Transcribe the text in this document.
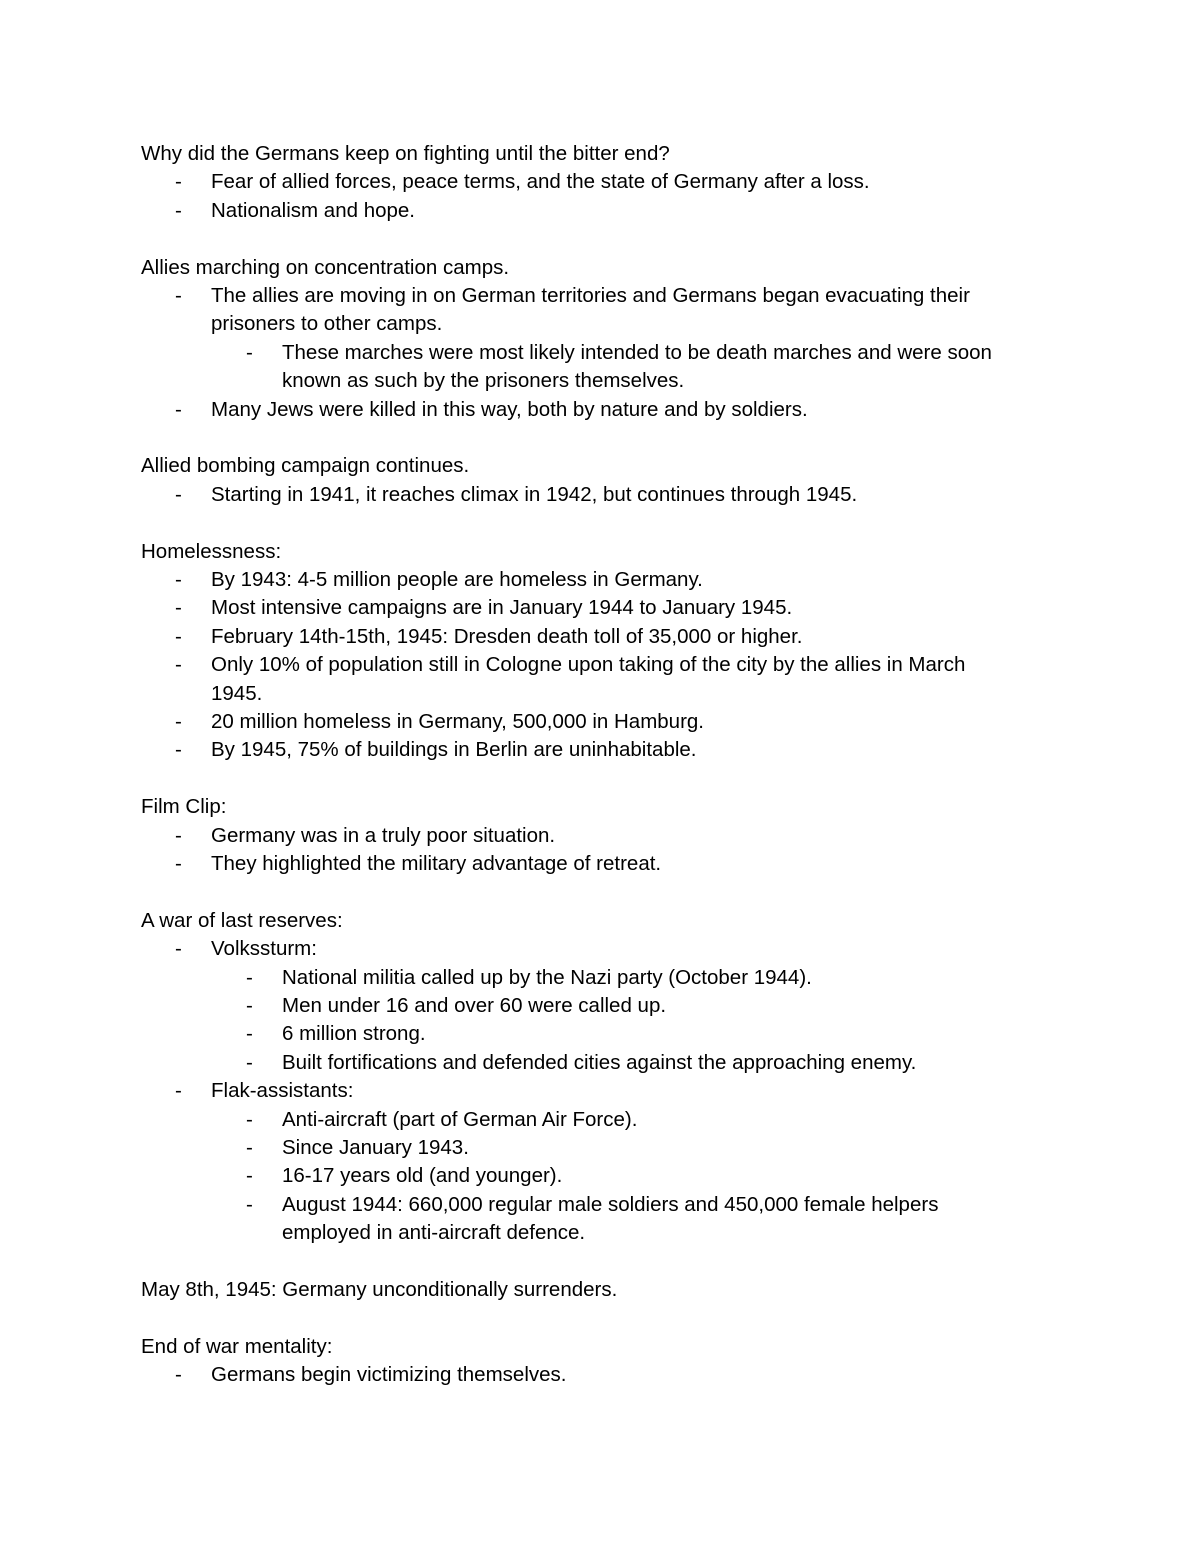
Why did the Germans keep on fighting until the bitter end?
- Fear of allied forces, peace terms, and the state of Germany after a loss.
- Nationalism and hope.
Allies marching on concentration camps.
- The allies are moving in on German territories and Germans began evacuating their
prisoners to other camps.
- These marches were most likely intended to be death marches and were soon
known as such by the prisoners themselves.
- Many Jews were killed in this way, both by nature and by soldiers.
Allied bombing campaign continues.
- Starting in 1941, it reaches climax in 1942, but continues through 1945.
Homelessness:
- By 1943: 4-5 million people are homeless in Germany.
- Most intensive campaigns are in January 1944 to January 1945.
- February 14th-15th, 1945: Dresden death toll of 35,000 or higher.
- Only 10% of population still in Cologne upon taking of the city by the allies in March
1945.
- 20 million homeless in Germany, 500,000 in Hamburg.
- By 1945, 75% of buildings in Berlin are uninhabitable.
Film Clip:
- Germany was in a truly poor situation.
- They highlighted the military advantage of retreat.
A war of last reserves:
- Volkssturm:
- National militia called up by the Nazi party (October 1944).
- Men under 16 and over 60 were called up.
- 6 million strong.
- Built fortifications and defended cities against the approaching enemy.
- Flak-assistants:
- Anti-aircraft (part of German Air Force).
- Since January 1943.
- 16-17 years old (and younger).
- August 1944: 660,000 regular male soldiers and 450,000 female helpers
employed in anti-aircraft defence.
May 8th, 1945: Germany unconditionally surrenders.
End of war mentality:
- Germans begin victimizing themselves.
